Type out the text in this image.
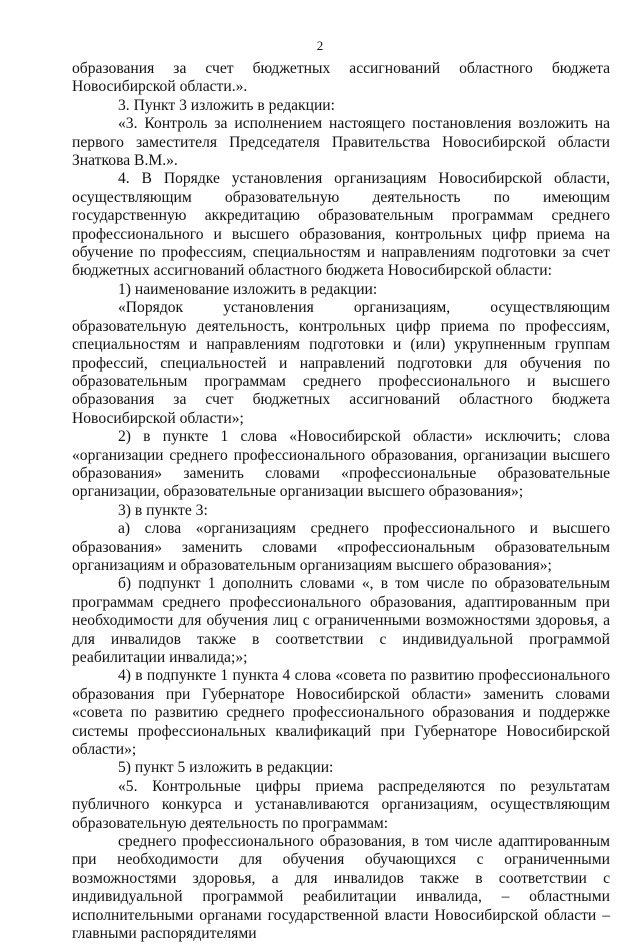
2

образования за счет бюджетных ассигнований областного бюджета Новосибирской области.».

3. Пункт 3 изложить в редакции:

«3. Контроль за исполнением настоящего постановления возложить на первого заместителя Председателя Правительства Новосибирской области Знаткова В.М.».

4. В Порядке установления организациям Новосибирской области, осуществляющим образовательную деятельность по имеющим государственную аккредитацию образовательным программам среднего профессионального и высшего образования, контрольных цифр приема на обучение по профессиям, специальностям и направлениям подготовки за счет бюджетных ассигнований областного бюджета Новосибирской области:

1) наименование изложить в редакции:

«Порядок установления организациям, осуществляющим образовательную деятельность, контрольных цифр приема по профессиям, специальностям и направлениям подготовки и (или) укрупненным группам профессий, специальностей и направлений подготовки для обучения по образовательным программам среднего профессионального и высшего образования за счет бюджетных ассигнований областного бюджета Новосибирской области»;

2) в пункте 1 слова «Новосибирской области» исключить; слова «организации среднего профессионального образования, организации высшего образования» заменить словами «профессиональные образовательные организации, образовательные организации высшего образования»;

3) в пункте 3:

а) слова «организациям среднего профессионального и высшего образования» заменить словами «профессиональным образовательным организациям и образовательным организациям высшего образования»;

б) подпункт 1 дополнить словами «, в том числе по образовательным программам среднего профессионального образования, адаптированным при необходимости для обучения лиц с ограниченными возможностями здоровья, а для инвалидов также в соответствии с индивидуальной программой реабилитации инвалида;»;

4) в подпункте 1 пункта 4 слова «совета по развитию профессионального образования при Губернаторе Новосибирской области» заменить словами «совета по развитию среднего профессионального образования и поддержке системы профессиональных квалификаций при Губернаторе Новосибирской области»;

5) пункт 5 изложить в редакции:

«5. Контрольные цифры приема распределяются по результатам публичного конкурса и устанавливаются организациям, осуществляющим образовательную деятельность по программам:

среднего профессионального образования, в том числе адаптированным при необходимости для обучения обучающихся с ограниченными возможностями здоровья, а для инвалидов также в соответствии с индивидуальной программой реабилитации инвалида, – областными исполнительными органами государственной власти Новосибирской области – главными распорядителями
